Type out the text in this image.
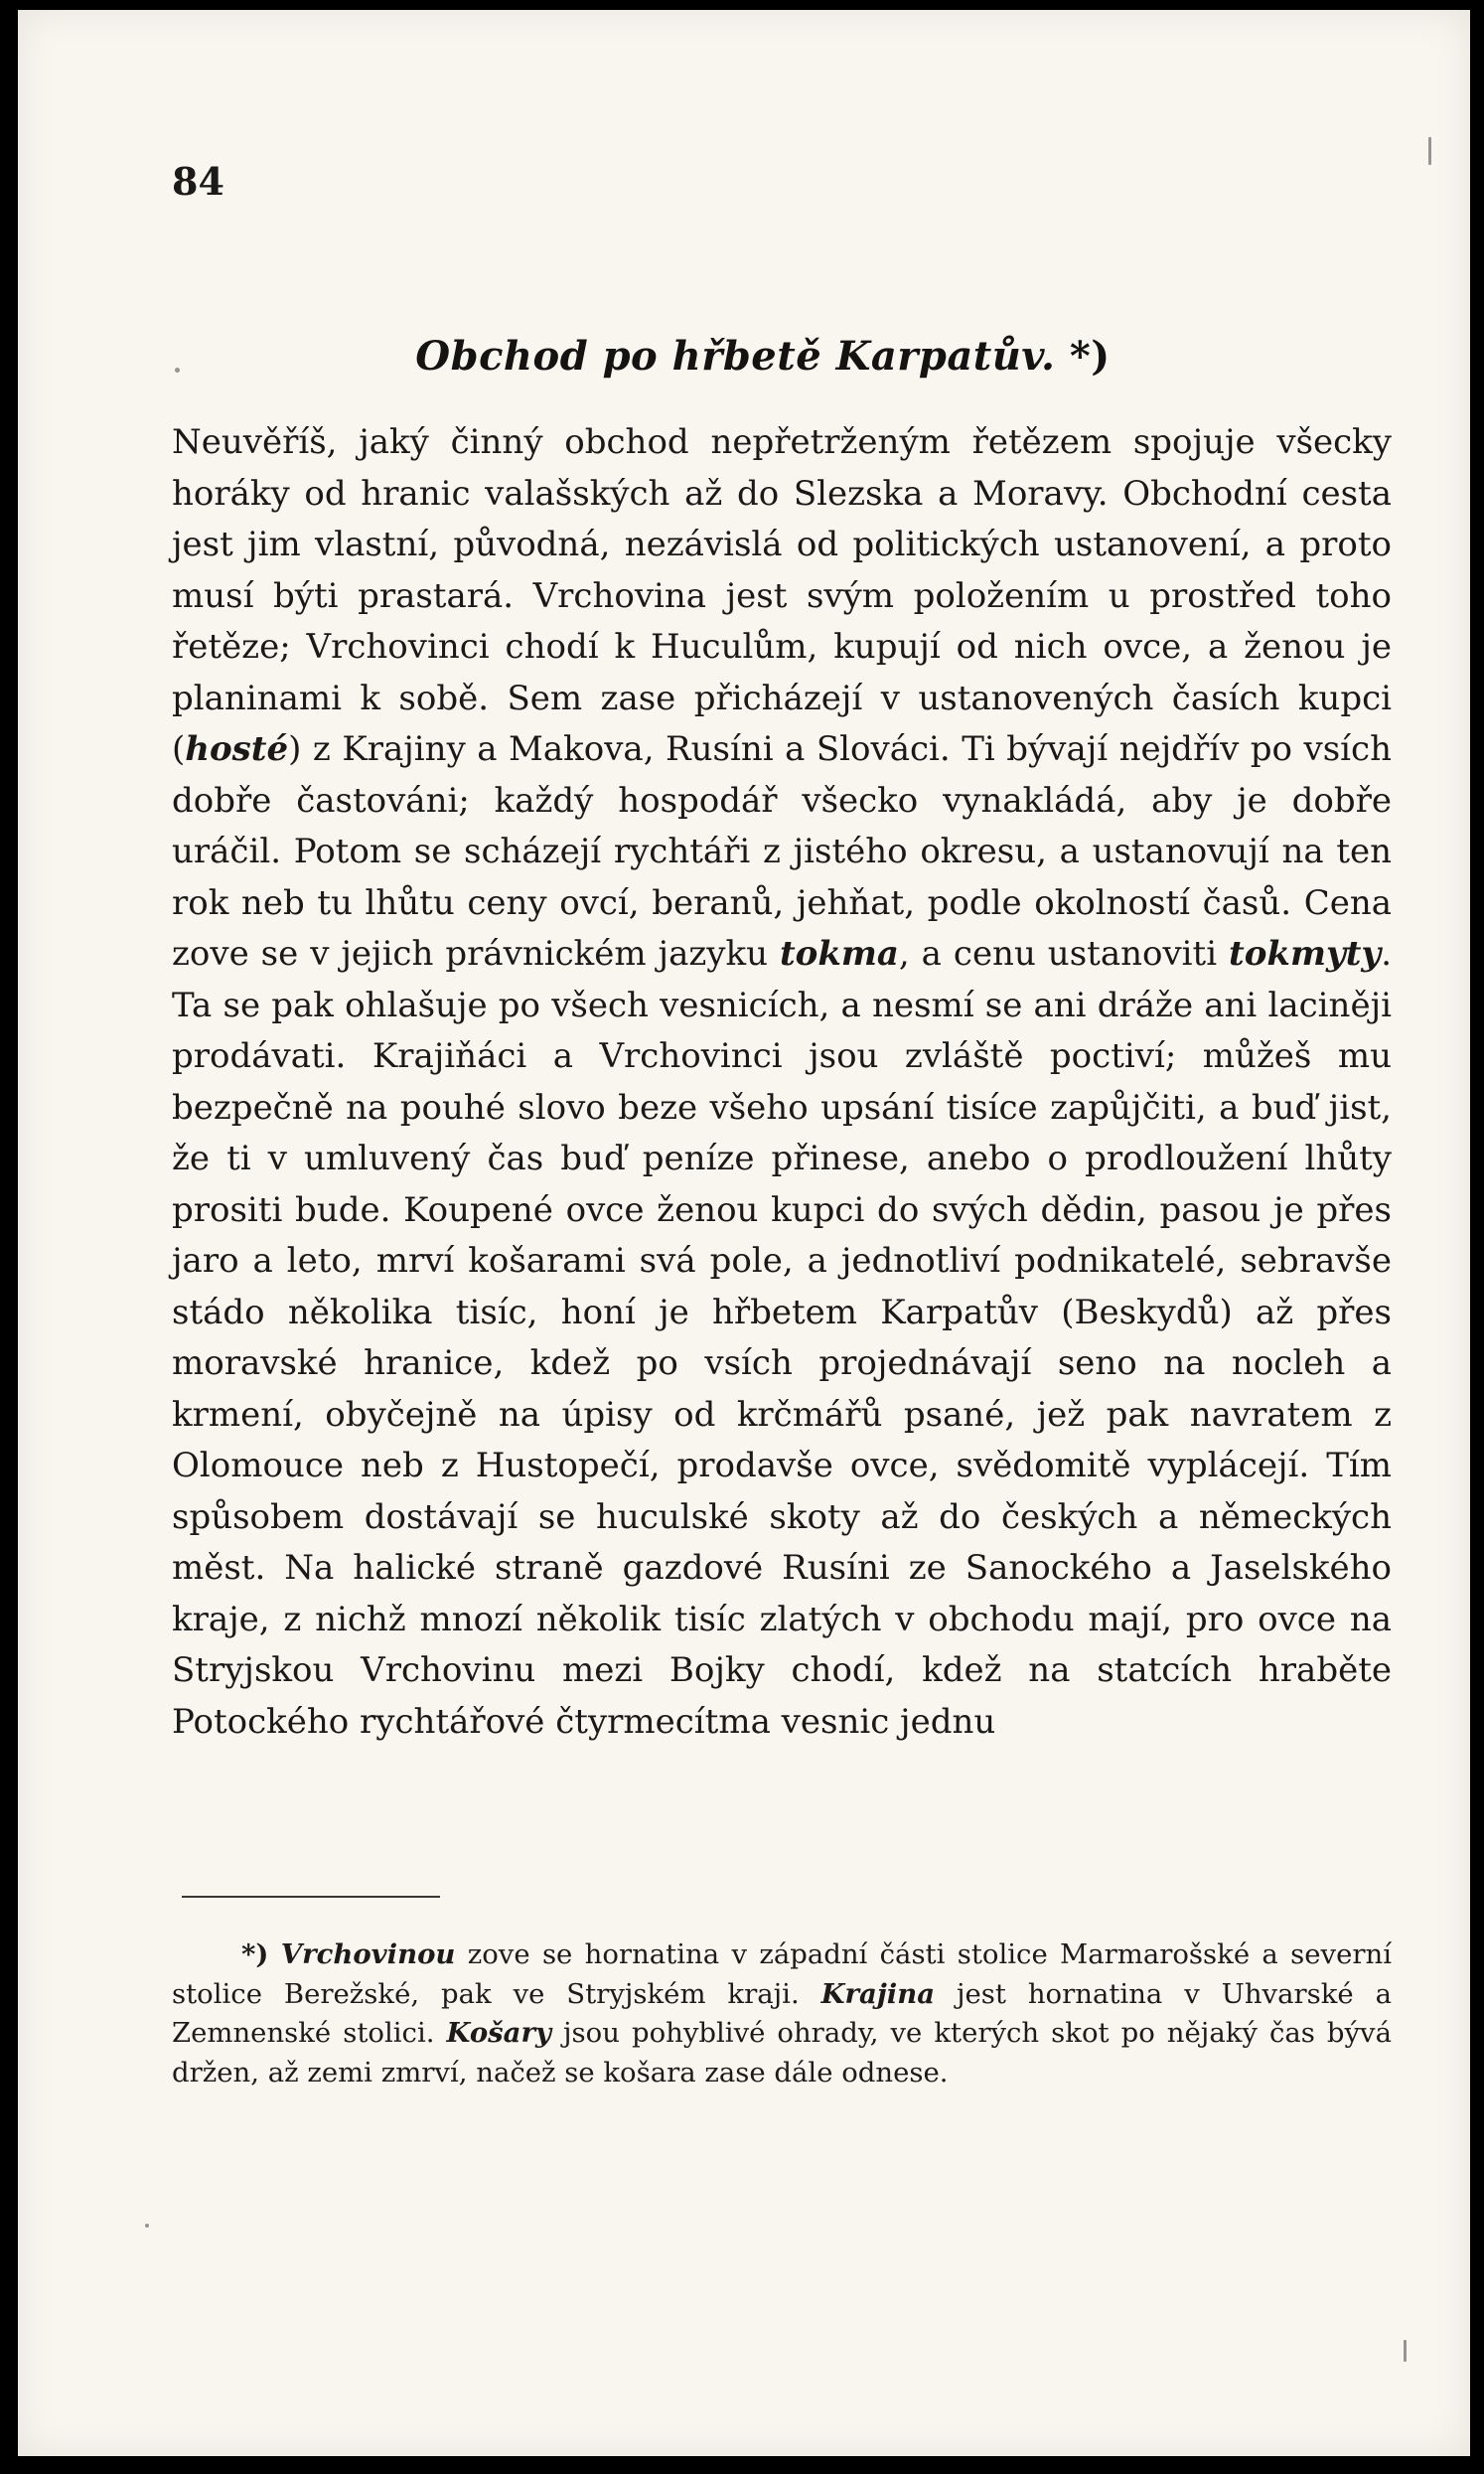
84
Obchod po hřbetě Karpatův. *)

Neuvěříš, jaký činný obchod nepřetrženým řetězem spojuje všecky horáky od hranic valašských až do Slezska a Moravy. Obchodní cesta jest jim vlastní, původná, nezávislá od politických ustanovení, a proto musí býti prastará. Vrchovina jest svým položením u prostřed toho řetěze; Vrchovinci chodí k Huculům, kupují od nich ovce, a ženou je planinami k sobě. Sem zase přicházejí v ustanovených časích kupci (hosté) z Krajiny a Makova, Rusíni a Slováci. Ti bývají nejdřív po vsích dobře častováni; každý hospodář všecko vynakládá, aby je dobře uráčil. Potom se scházejí rychtáři z jistého okresu, a ustanovují na ten rok neb tu lhůtu ceny ovcí, beranů, jehňat, podle okolností časů. Cena zove se v jejich právnickém jazyku tokma, a cenu ustanoviti tokmyty. Ta se pak ohlašuje po všech vesnicích, a nesmí se ani dráže ani laciněji prodávati. Krajiňáci a Vrchovinci jsou zvláště poctiví; můžeš mu bezpečně na pouhé slovo beze všeho upsání tisíce zapůjčiti, a buď jist, že ti v umluvený čas buď peníze přinese, anebo o prodloužení lhůty prositi bude. Koupené ovce ženou kupci do svých dědin, pasou je přes jaro a leto, mrví košarami svá pole, a jednotliví podnikatelé, sebravše stádo několika tisíc, honí je hřbetem Karpatův (Beskydů) až přes moravské hranice, kdež po vsích projednávají seno na nocleh a krmení, obyčejně na úpisy od krčmářů psané, jež pak navratem z Olomouce neb z Hustopečí, prodavše ovce, svědomitě vyplácejí. Tím spůsobem dostávají se huculské skoty až do českých a německých měst. Na halické straně gazdové Rusíni ze Sanockého a Jaselského kraje, z nichž mnozí několik tisíc zlatých v obchodu mají, pro ovce na Stryjskou Vrchovinu mezi Bojky chodí, kdež na statcích hraběte Potockého rychtářové čtyrmecítma vesnic jednu

*) Vrchovinou zove se hornatina v západní části stolice Marmarošské a severní stolice Berežské, pak ve Stryjském kraji. Krajina jest hornatina v Uhvarské a Zemnenské stolici. Košary jsou pohyblivé ohrady, ve kterých skot po nějaký čas bývá držen, až zemi zmrví, načež se košara zase dále odnese.
